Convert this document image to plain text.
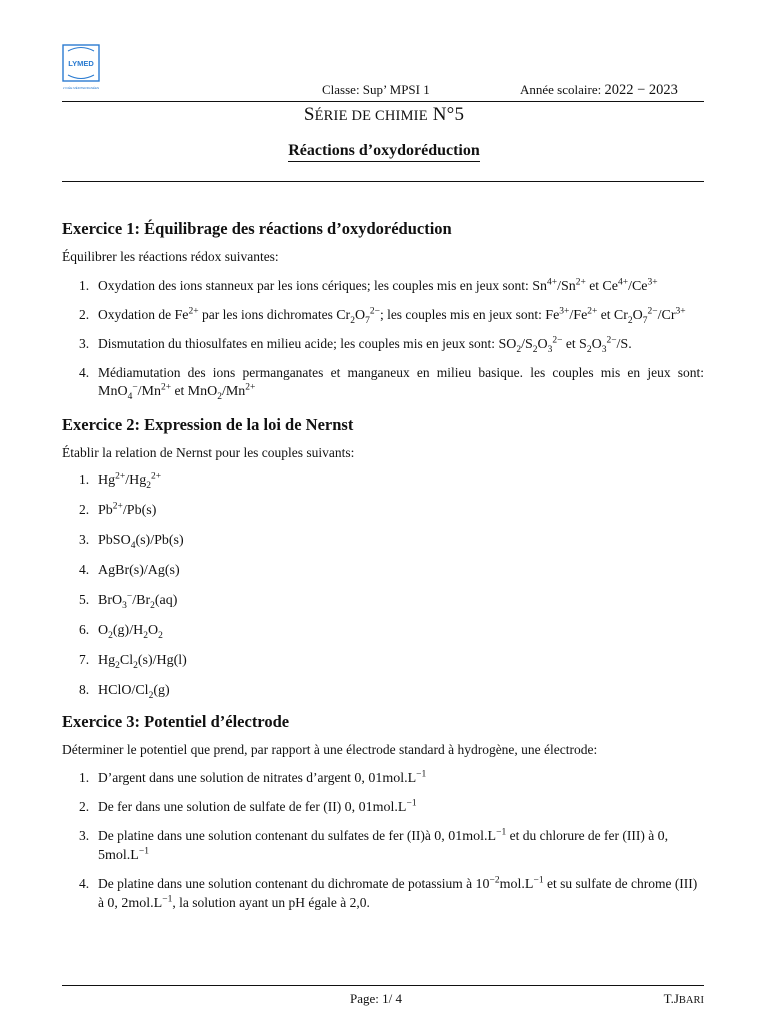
LYMED
LYCÉE MÉDITERRANÉEN	Classe: Sup’ MPSI 1	Année scolaire: 2022 − 2023
SÉRIE DE CHIMIE N°5
Réactions d’oxydoréduction
Exercice 1: Équilibrage des réactions d’oxydoréduction

Équilibrer les réactions rédox suivantes:

1. Oxydation des ions stanneux par les ions cériques; les couples mis en jeux sont: $Sn^{4+}/Sn^{2+}$ et $Ce^{4+}/Ce^{3+}$
2. Oxydation de $Fe^{2+}$ par les ions dichromates $Cr_2O_7^{2-}$; les couples mis en jeux sont: $Fe^{3+}/Fe^{2+}$ et $Cr_2O_7^{2-}/Cr^{3+}$
3. Dismutation du thiosulfates en milieu acide; les couples mis en jeux sont: $SO_2/S_2O_3^{2-}$ et $S_2O_3^{2-}/S$.
4. Médiamutation des ions permanganates et manganeux en milieu basique. les couples mis en jeux sont: $MnO_4^-/Mn^{2+}$ et $MnO_2/Mn^{2+}$
Exercice 2: Expression de la loi de Nernst

Établir la relation de Nernst pour les couples suivants:

1. $Hg^{2+}/Hg_2^{2+}$
2. $Pb^{2+}/Pb(s)$
3. PbSO$_4$(s)/Pb(s)
4. AgBr(s)/Ag(s)
5. $BrO_3^-/Br_2(aq)$
6. $O_2(g)/H_2O_2$
7. $Hg_2Cl_2(s)/Hg(l)$
8. HClO/$Cl_2(g)$
Exercice 3: Potentiel d’électrode

Déterminer le potentiel que prend, par rapport à une électrode standard à hydrogène, une électrode:

1. D’argent dans une solution de nitrates d’argent 0, $01mol.L^{-1}$
2. De fer dans une solution de sulfate de fer (II) 0, $01mol.L^{-1}$
3. De platine dans une solution contenant du sulfates de fer (II)à 0, $01mol.L^{-1}$ et du chlorure de fer (III) à 0, $5mol.L^{-1}$
4. De platine dans une solution contenant du dichromate de potassium à $10^{-2}mol.L^{-1}$ et su sulfate de chrome (III) à 0, $2mol.L^{-1}$, la solution ayant un pH égale à 2,0.
Page: 1/ 4	T.JBARI
